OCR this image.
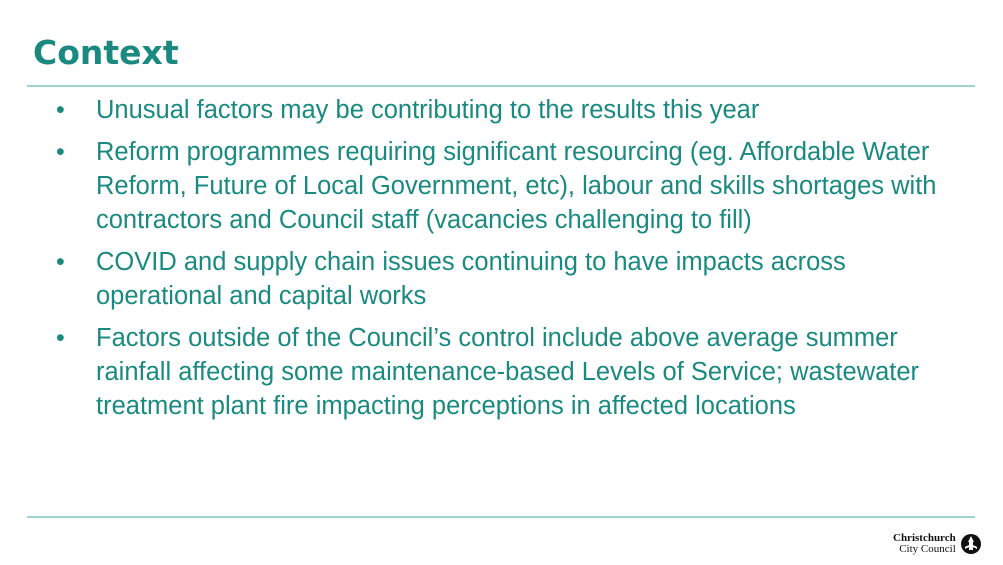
Context
• Unusual factors may be contributing to the results this year
• Reform programmes requiring significant resourcing (eg. Affordable Water Reform, Future of Local Government, etc), labour and skills shortages with contractors and Council staff (vacancies challenging to fill)
• COVID and supply chain issues continuing to have impacts across operational and capital works
• Factors outside of the Council’s control include above average summer rainfall affecting some maintenance-based Levels of Service; wastewater treatment plant fire impacting perceptions in affected locations
Christchurch
City Council
